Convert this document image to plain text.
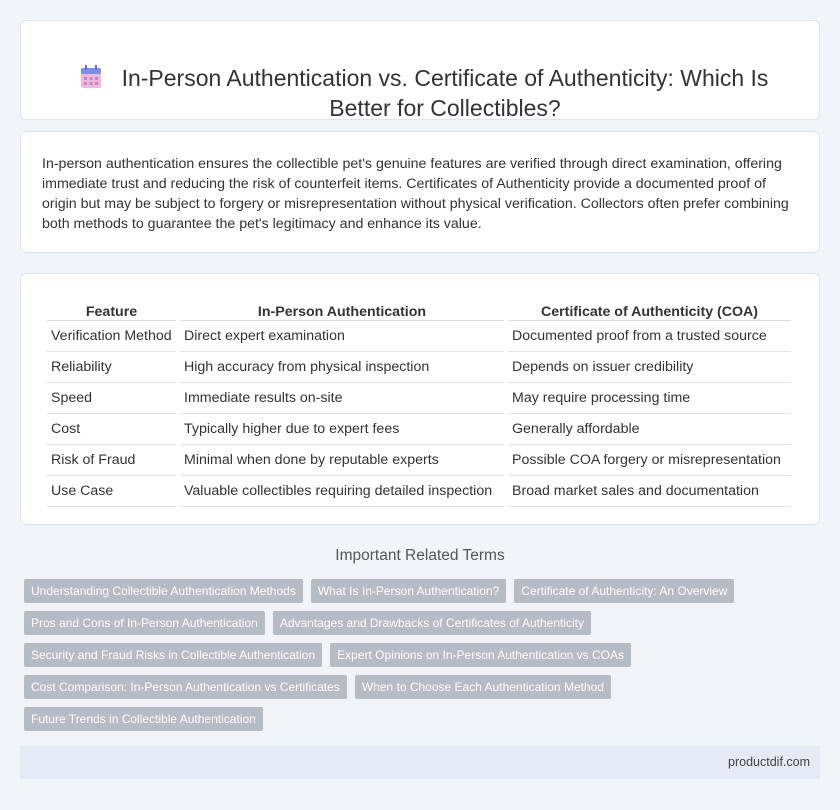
In-Person Authentication vs. Certificate of Authenticity: Which Is Better for Collectibles?

In-person authentication ensures the collectible pet's genuine features are verified through direct examination, offering immediate trust and reducing the risk of counterfeit items. Certificates of Authenticity provide a documented proof of origin but may be subject to forgery or misrepresentation without physical verification. Collectors often prefer combining both methods to guarantee the pet's legitimacy and enhance its value.

Feature	In-Person Authentication	Certificate of Authenticity (COA)
Verification Method	Direct expert examination	Documented proof from a trusted source
Reliability	High accuracy from physical inspection	Depends on issuer credibility
Speed	Immediate results on-site	May require processing time
Cost	Typically higher due to expert fees	Generally affordable
Risk of Fraud	Minimal when done by reputable experts	Possible COA forgery or misrepresentation
Use Case	Valuable collectibles requiring detailed inspection	Broad market sales and documentation
Important Related Terms
Understanding Collectible Authentication Methods	What Is In-Person Authentication?	Certificate of Authenticity: An Overview
Pros and Cons of In-Person Authentication	Advantages and Drawbacks of Certificates of Authenticity
Security and Fraud Risks in Collectible Authentication	Expert Opinions on In-Person Authentication vs COAs
Cost Comparison: In-Person Authentication vs Certificates	When to Choose Each Authentication Method
Future Trends in Collectible Authentication
productdif.com
